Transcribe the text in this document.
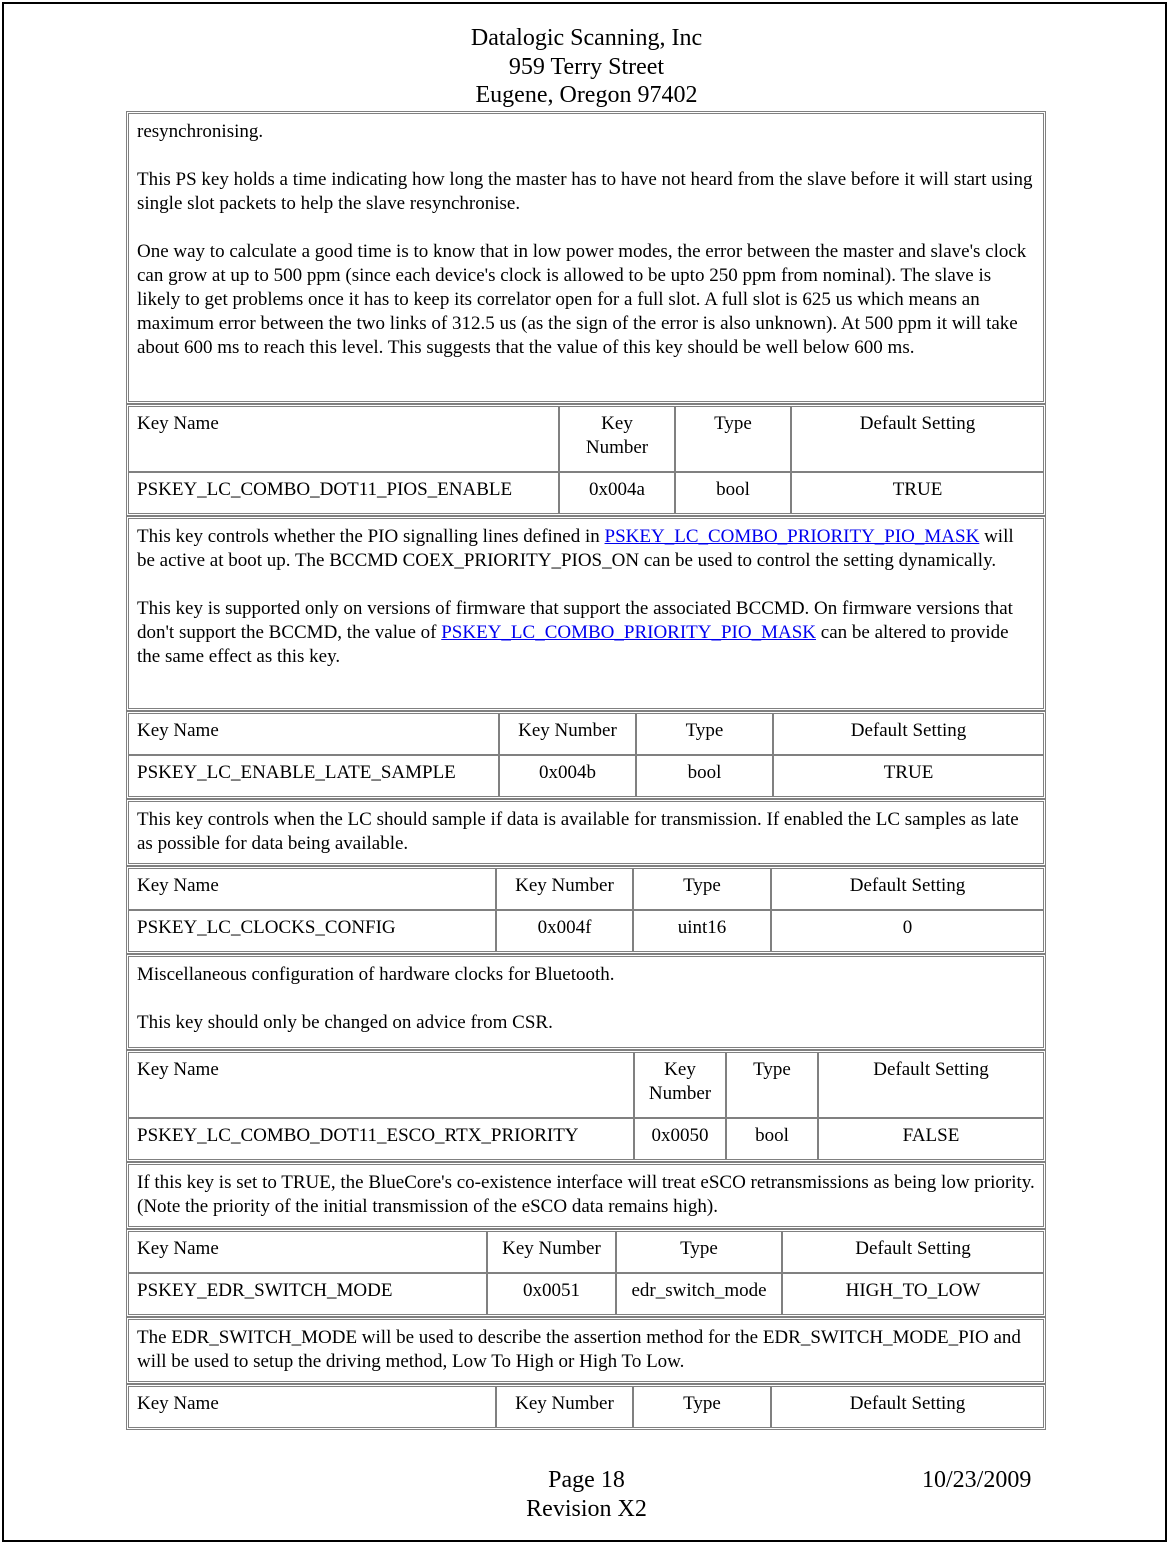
Datalogic Scanning, Inc
959 Terry Street
Eugene, Oregon 97402

resynchronising.

This PS key holds a time indicating how long the master has to have not heard from the slave before it will start using single slot packets to help the slave resynchronise.

One way to calculate a good time is to know that in low power modes, the error between the master and slave's clock can grow at up to 500 ppm (since each device's clock is allowed to be upto 250 ppm from nominal). The slave is likely to get problems once it has to keep its correlator open for a full slot. A full slot is 625 us which means an maximum error between the two links of 312.5 us (as the sign of the error is also unknown). At 500 ppm it will take about 600 ms to reach this level. This suggests that the value of this key should be well below 600 ms.

Key Name	Key
Number	Type	Default Setting
PSKEY_LC_COMBO_DOT11_PIOS_ENABLE	0x004a	bool	TRUE

This key controls whether the PIO signalling lines defined in PSKEY_LC_COMBO_PRIORITY_PIO_MASK will be active at boot up. The BCCMD COEX_PRIORITY_PIOS_ON can be used to control the setting dynamically.

This key is supported only on versions of firmware that support the associated BCCMD. On firmware versions that don't support the BCCMD, the value of PSKEY_LC_COMBO_PRIORITY_PIO_MASK can be altered to provide the same effect as this key.

Key Name	Key Number	Type	Default Setting
PSKEY_LC_ENABLE_LATE_SAMPLE	0x004b	bool	TRUE

This key controls when the LC should sample if data is available for transmission. If enabled the LC samples as late as possible for data being available.

Key Name	Key Number	Type	Default Setting
PSKEY_LC_CLOCKS_CONFIG	0x004f	uint16	0

Miscellaneous configuration of hardware clocks for Bluetooth.

This key should only be changed on advice from CSR.

Key Name	Key
Number	Type	Default Setting
PSKEY_LC_COMBO_DOT11_ESCO_RTX_PRIORITY	0x0050	bool	FALSE

If this key is set to TRUE, the BlueCore's co-existence interface will treat eSCO retransmissions as being low priority. (Note the priority of the initial transmission of the eSCO data remains high).

Key Name	Key Number	Type	Default Setting
PSKEY_EDR_SWITCH_MODE	0x0051	edr_switch_mode	HIGH_TO_LOW

The EDR_SWITCH_MODE will be used to describe the assertion method for the EDR_SWITCH_MODE_PIO and will be used to setup the driving method, Low To High or High To Low.

Key Name	Key Number	Type	Default Setting
Page 18	10/23/2009
Revision X2
